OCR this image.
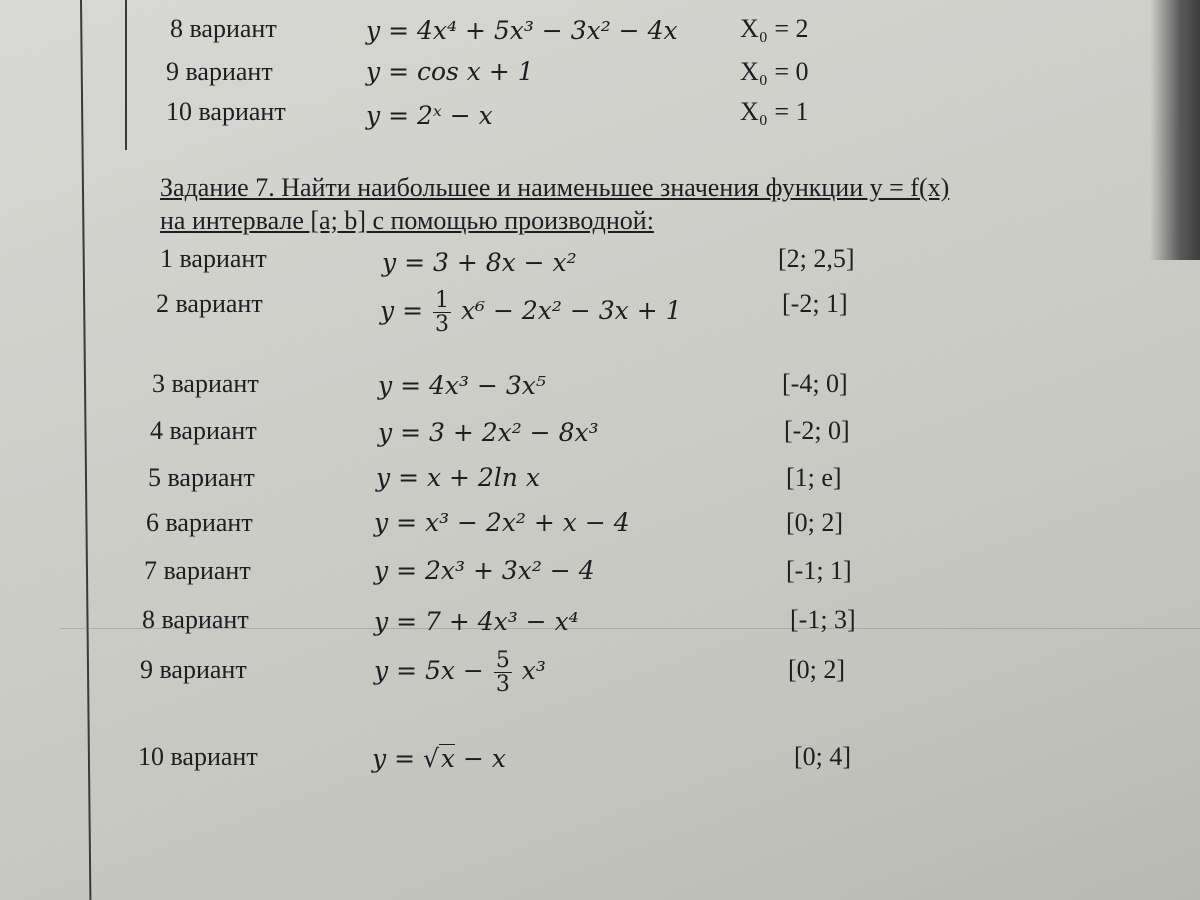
8 вариант	y = 4x⁴ + 5x³ − 3x² − 4x X₀ = 2
9 вариант	y = cos x + 1	X₀ = 0
10 вариант	y = 2ˣ − x	X₀ = 1
Задание 7. Найти наибольшее и наименьшее значения функции y = f(x)
на интервале [a; b] с помощью производной:
1 вариант	y = 3 + 8x − x²	[2; 2,5]
2 вариант	$y = \frac{1}{3} x^6 - 2x^2 - 3x + 1$	[-2; 1]
3 вариант	y = 4x³ − 3x⁵	[-4; 0]
4 вариант	y = 3 + 2x² − 8x³	[-2; 0]
5 вариант	y = x + 2ln x	[1; e]
6 вариант	y = x³ − 2x² + x − 4	[0; 2]
7 вариант	y = 2x³ + 3x² − 4	[-1; 1]
8 вариант	y = 7 + 4x³ − x⁴	[-1; 3]
9 вариант	$y = 5x - \frac{5}{3} x^3$	[0; 2]
10 вариант	y = √x − x	[0; 4]
